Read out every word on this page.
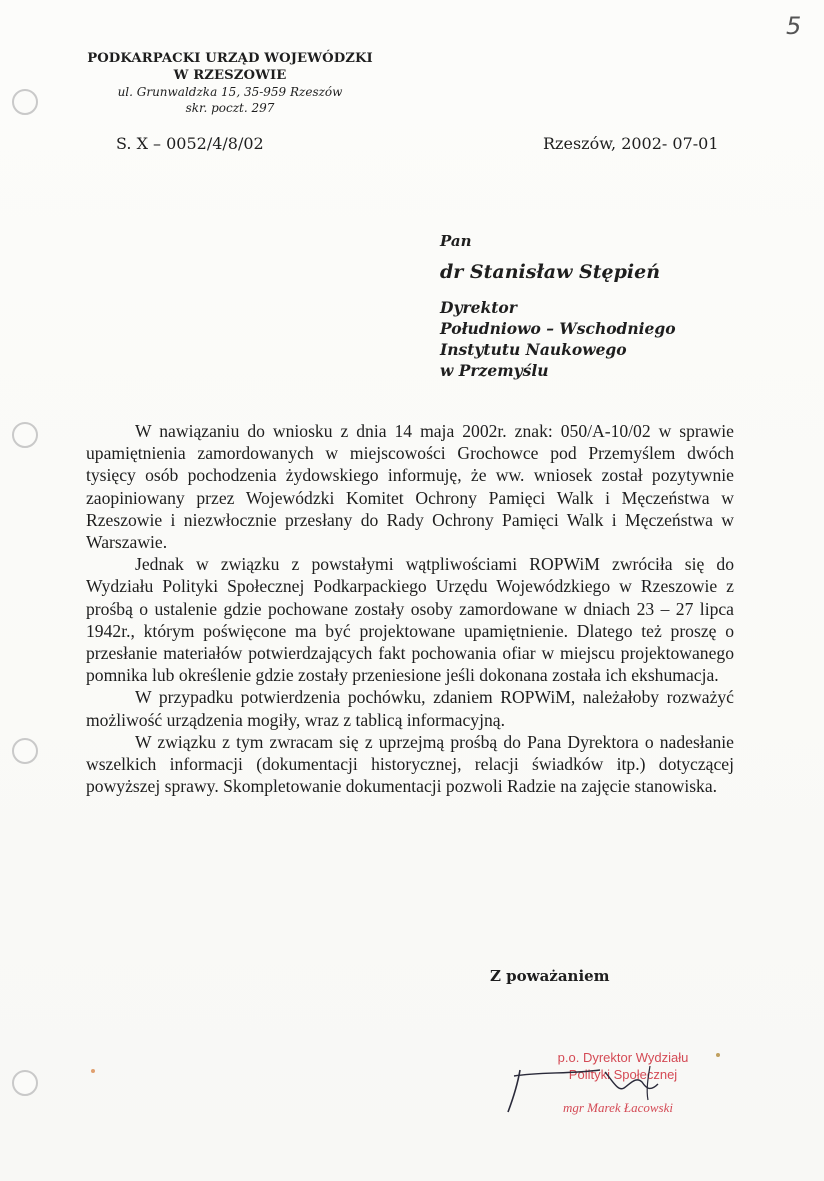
5
PODKARPACKI URZĄD WOJEWÓDZKI
W RZESZOWIE
ul. Grunwaldzka 15, 35-959 Rzeszów
skr. poczt. 297
S. X – 0052/4/8/02	Rzeszów, 2002- 07-01
Pan
dr Stanisław Stępień
Dyrektor
Południowo – Wschodniego
Instytutu Naukowego
w Przemyślu

W nawiązaniu do wniosku z dnia 14 maja 2002r. znak: 050/A-10/02 w sprawie upamiętnienia zamordowanych w miejscowości Grochowce pod Przemyślem dwóch tysięcy osób pochodzenia żydowskiego informuję, że ww. wniosek został pozytywnie zaopiniowany przez Wojewódzki Komitet Ochrony Pamięci Walk i Męczeństwa w Rzeszowie i niezwłocznie przesłany do Rady Ochrony Pamięci Walk i Męczeństwa w Warszawie.

Jednak w związku z powstałymi wątpliwościami ROPWiM zwróciła się do Wydziału Polityki Społecznej Podkarpackiego Urzędu Wojewódzkiego w Rzeszowie z prośbą o ustalenie gdzie pochowane zostały osoby zamordowane w dniach 23 – 27 lipca 1942r., którym poświęcone ma być projektowane upamiętnienie. Dlatego też proszę o przesłanie materiałów potwierdzających fakt pochowania ofiar w miejscu projektowanego pomnika lub określenie gdzie zostały przeniesione jeśli dokonana została ich ekshumacja.

W przypadku potwierdzenia pochówku, zdaniem ROPWiM, należałoby rozważyć możliwość urządzenia mogiły, wraz z tablicą informacyjną.

W związku z tym zwracam się z uprzejmą prośbą do Pana Dyrektora o nadesłanie wszelkich informacji (dokumentacji historycznej, relacji świadków itp.) dotyczącej powyższej sprawy. Skompletowanie dokumentacji pozwoli Radzie na zajęcie stanowiska.

Z poważaniem
p.o. Dyrektor Wydziału
Polityki Społecznej
mgr Marek Łacowski
